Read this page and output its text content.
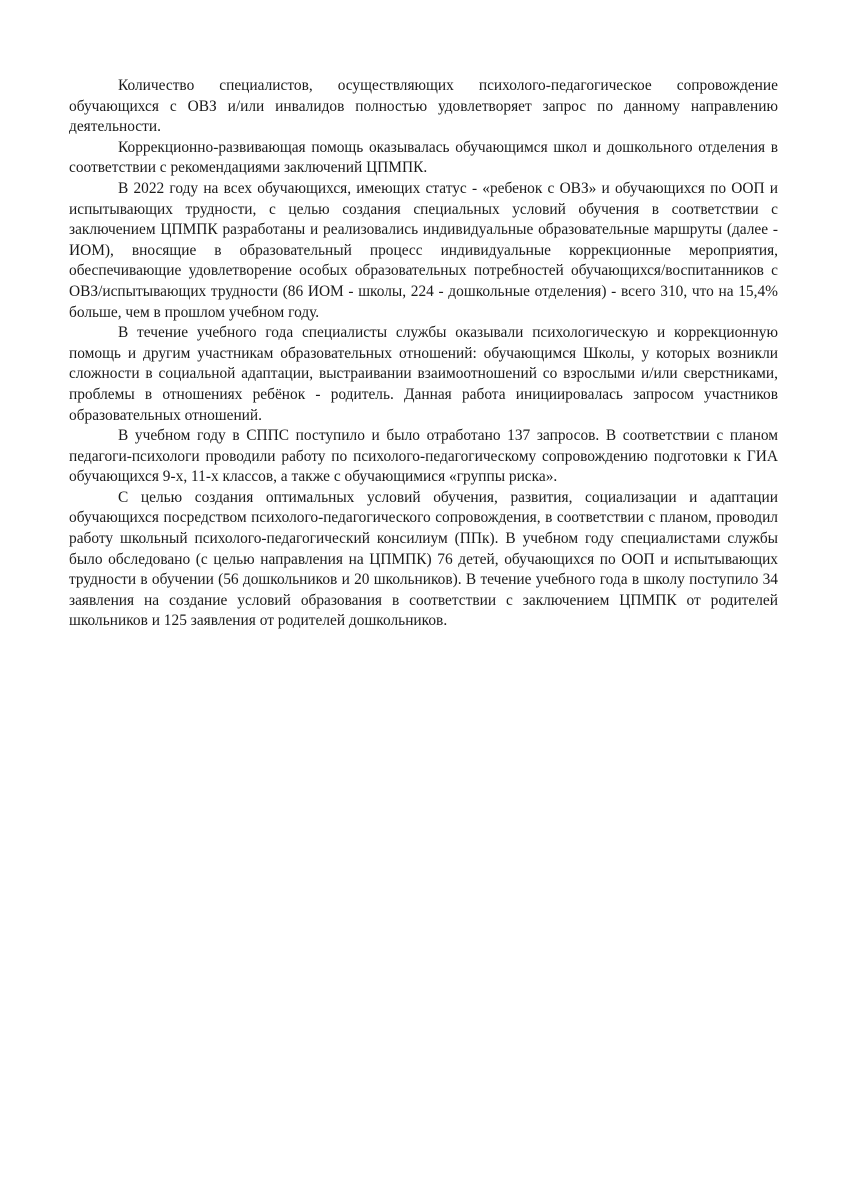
Количество специалистов, осуществляющих психолого-педагогическое сопровождение обучающихся с ОВЗ и/или инвалидов полностью удовлетворяет запрос по данному направлению деятельности.

Коррекционно-развивающая помощь оказывалась обучающимся школ и дошкольного отделения в соответствии с рекомендациями заключений ЦПМПК.

В 2022 году на всех обучающихся, имеющих статус - «ребенок с ОВЗ» и обучающихся по ООП и испытывающих трудности, с целью создания специальных условий обучения в соответствии с заключением ЦПМПК разработаны и реализовались индивидуальные образовательные маршруты (далее - ИОМ), вносящие в образовательный процесс индивидуальные коррекционные мероприятия, обеспечивающие удовлетворение особых образовательных потребностей обучающихся/воспитанников с ОВЗ/испытывающих трудности (86 ИОМ - школы, 224 - дошкольные отделения) - всего 310, что на 15,4% больше, чем в прошлом учебном году.

В течение учебного года специалисты службы оказывали психологическую и коррекционную помощь и другим участникам образовательных отношений: обучающимся Школы, у которых возникли сложности в социальной адаптации, выстраивании взаимоотношений со взрослыми и/или сверстниками, проблемы в отношениях ребёнок - родитель. Данная работа инициировалась запросом участников образовательных отношений.

В учебном году в СППС поступило и было отработано 137 запросов. В соответствии с планом педагоги-психологи проводили работу по психолого-педагогическому сопровождению подготовки к ГИА обучающихся 9-х, 11-х классов, а также с обучающимися «группы риска».

С целью создания оптимальных условий обучения, развития, социализации и адаптации обучающихся посредством психолого-педагогического сопровождения, в соответствии с планом, проводил работу школьный психолого-педагогический консилиум (ППк). В учебном году специалистами службы было обследовано (с целью направления на ЦПМПК) 76 детей, обучающихся по ООП и испытывающих трудности в обучении (56 дошкольников и 20 школьников). В течение учебного года в школу поступило 34 заявления на создание условий образования в соответствии с заключением ЦПМПК от родителей школьников и 125 заявления от родителей дошкольников.
